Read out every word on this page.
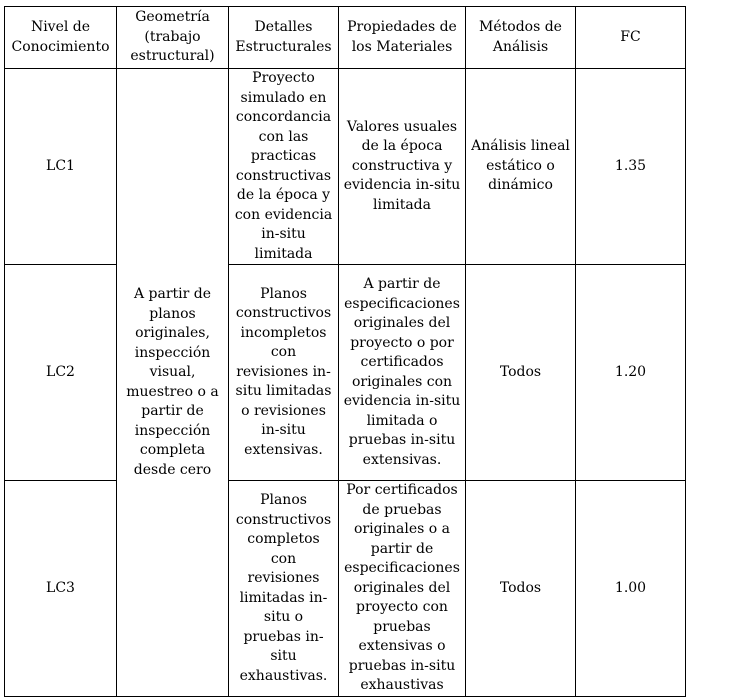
Nivel de Conocimiento	Geometría (trabajo estructural)	Detalles Estructurales	Propiedades de los Materiales	Métodos de Análisis	FC

LC1	A partir de planos originales, inspección visual, muestreo o a partir de inspección completa desde cero	Proyecto simulado en concordancia con las practicas constructivas de la época y con evidencia in-situ limitada	Valores usuales de la época constructiva y evidencia in-situ limitada	Análisis lineal estático o dinámico	1.35

LC2		Planos constructivos incompletos con revisiones in-situ limitadas o revisiones in-situ extensivas.	A partir de especificaciones originales del proyecto o por certificados originales con evidencia in-situ limitada o pruebas in-situ extensivas.	Todos	1.20

LC3		Planos constructivos completos con revisiones limitadas in-situ o pruebas in-situ exhaustivas.	Por certificados de pruebas originales o a partir de especificaciones originales del proyecto con pruebas extensivas o pruebas in-situ exhaustivas	Todos	1.00
